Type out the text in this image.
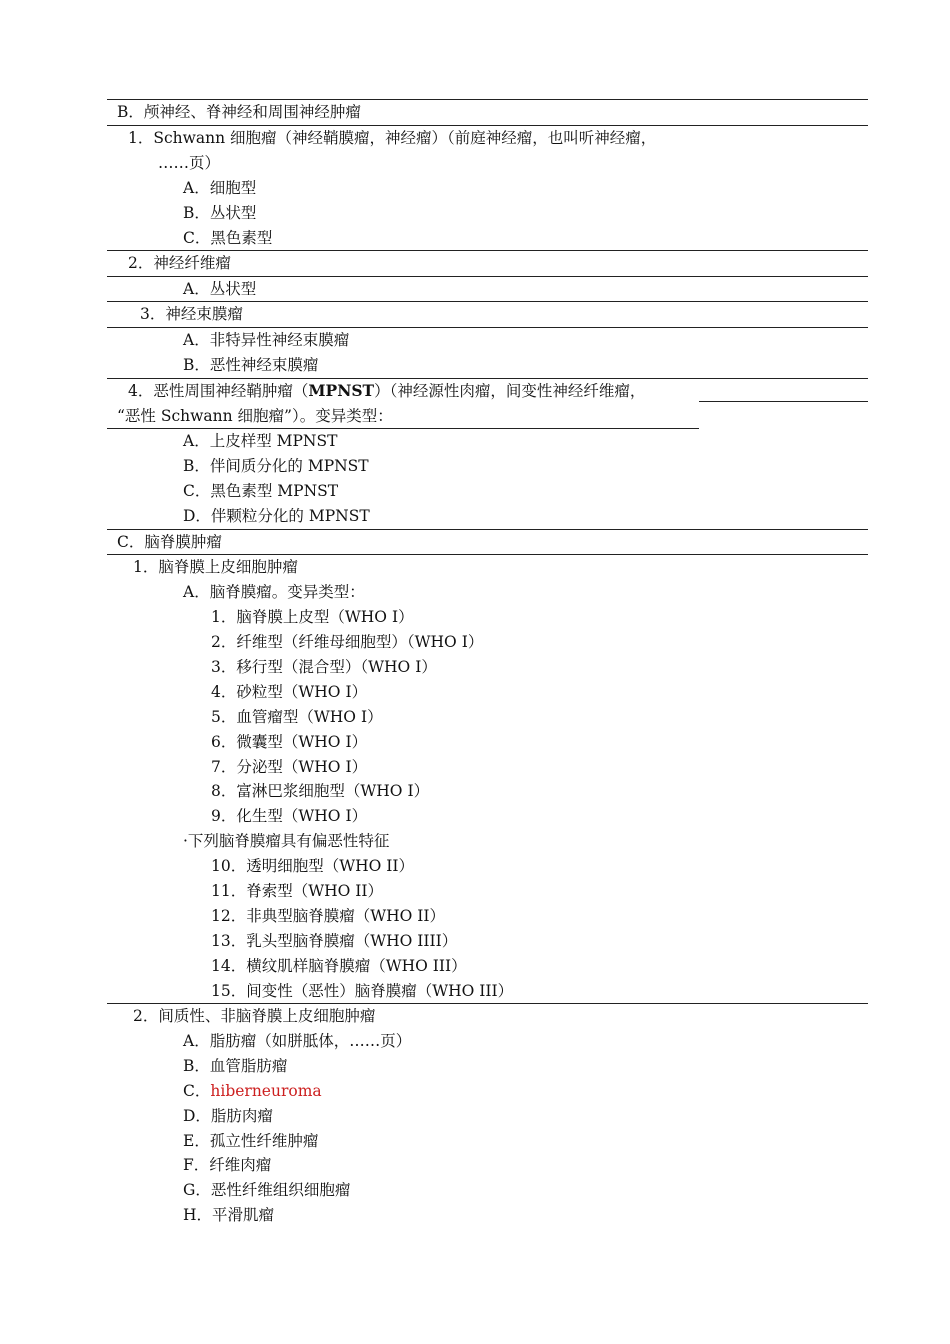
B．颅神经、脊神经和周围神经肿瘤
1．Schwann 细胞瘤（神经鞘膜瘤，神经瘤）（前庭神经瘤，也叫听神经瘤，
……页）
A．细胞型
B．丛状型
C．黑色素型
2．神经纤维瘤
A．丛状型
3．神经束膜瘤
A．非特异性神经束膜瘤
B．恶性神经束膜瘤
4．恶性周围神经鞘肿瘤（MPNST）（神经源性肉瘤，间变性神经纤维瘤，
“恶性 Schwann 细胞瘤”）。变异类型：
A．上皮样型 MPNST
B．伴间质分化的 MPNST
C．黑色素型 MPNST
D．伴颗粒分化的 MPNST
C．脑脊膜肿瘤
1．脑脊膜上皮细胞肿瘤
A．脑脊膜瘤。变异类型：
1．脑脊膜上皮型（WHO I）
2．纤维型（纤维母细胞型）（WHO I）
3．移行型（混合型）（WHO I）
4．砂粒型（WHO I）
5．血管瘤型（WHO I）
6．微囊型（WHO I）
7．分泌型（WHO I）
8．富淋巴浆细胞型（WHO I）
9．化生型（WHO I）
·下列脑脊膜瘤具有偏恶性特征
10．透明细胞型（WHO II）
11．脊索型（WHO II）
12．非典型脑脊膜瘤（WHO II）
13．乳头型脑脊膜瘤（WHO IIII）
14．横纹肌样脑脊膜瘤（WHO III）
15．间变性（恶性）脑脊膜瘤（WHO III）
2．间质性、非脑脊膜上皮细胞肿瘤
A．脂肪瘤（如胼胝体，……页）
B．血管脂肪瘤
C．hiberneuroma
D．脂肪肉瘤
E．孤立性纤维肿瘤
F．纤维肉瘤
G．恶性纤维组织细胞瘤
H．平滑肌瘤
